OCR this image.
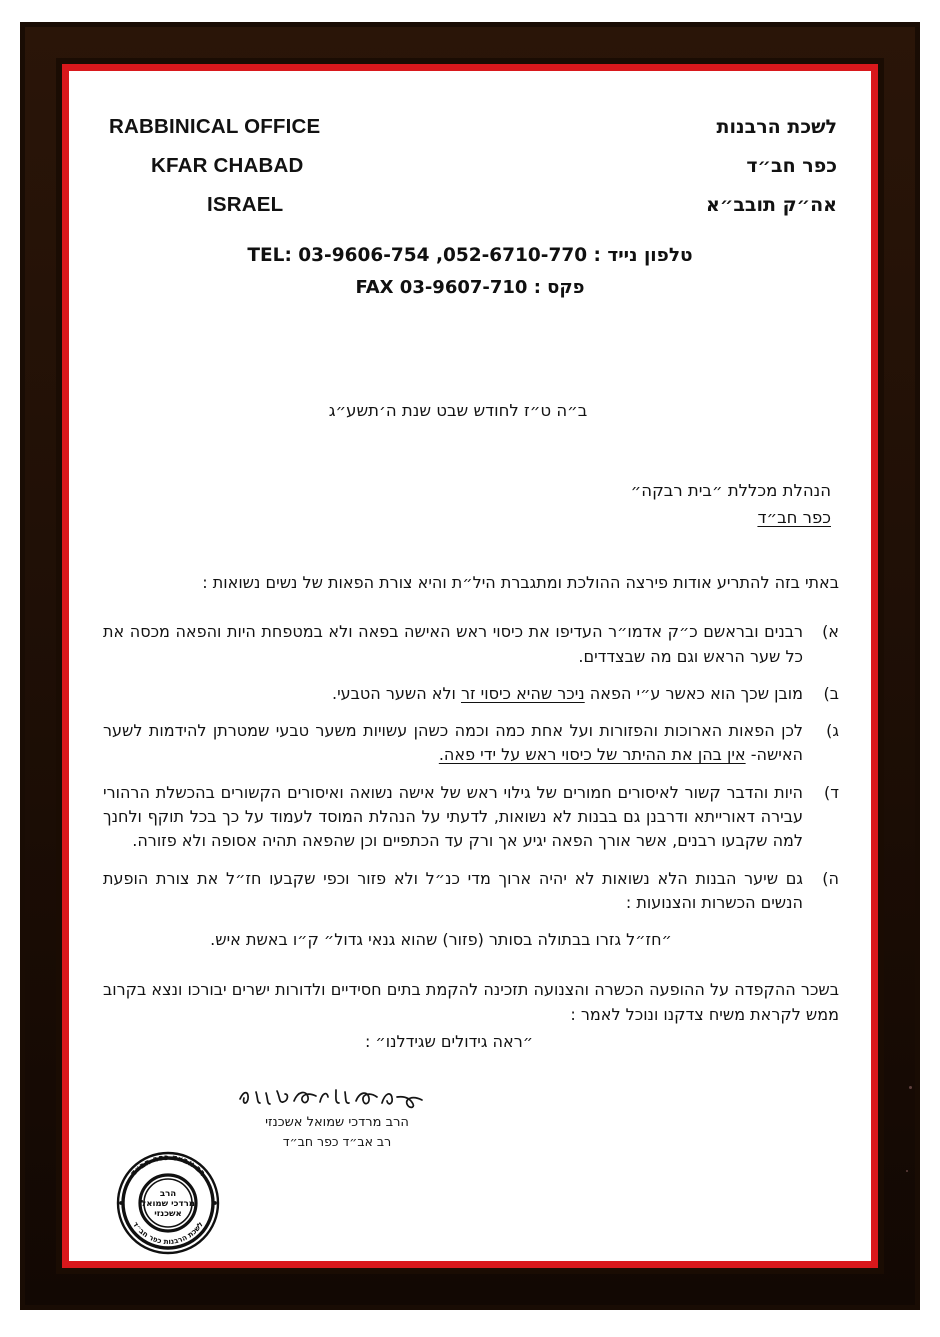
RABBINICAL OFFICE	לשכת הרבנות
KFAR CHABAD	כפר חב״ד
ISRAEL	אה״ק תובב״א
טלפון נייד : 052-6710-770, TEL: 03-9606-754
פקס : FAX 03-9607-710
ב״ה ט״ז לחודש שבט שנת ה׳תשע״ג
הנהלת מכללת ״בית רבקה״
כפר חב״ד
באתי בזה להתריע אודות פירצה ההולכת ומתגברת היל״ת והיא צורת הפאות של נשים נשואות :
א)
רבנים ובראשם כ״ק אדמו״ר העדיפו את כיסוי ראש האישה בפאה ולא במטפחת היות והפאה מכסה את כל שער הראש וגם מה שבצדדים.
ב)
מובן שכך הוא כאשר ע״י הפאה ניכר שהיא כיסוי זר ולא השער הטבעי.
ג)
לכן הפאות הארוכות והפזורות ועל אחת כמה וכמה כשהן עשויות משער טבעי שמטרתן להידמות לשער האישה- אין בהן את ההיתר של כיסוי ראש על ידי פאה.
ד)
היות והדבר קשור לאיסורים חמורים של גילוי ראש של אישה נשואה ואיסורים הקשורים בהכשלת הרהורי עבירה דאורייתא ודרבנן גם בבנות לא נשואות, לדעתי על הנהלת המוסד לעמוד על כך בכל תוקף ולחנך למה שקבעו רבנים, אשר אורך הפאה יגיע אך ורק עד הכתפיים וכן שהפאה תהיה אסופה ולא פזורה.
ה)
גם שיער הבנות הלא נשואות לא יהיה ארוך מדי כנ״ל ולא פזור וכפי שקבעו חז״ל את צורת הופעת הנשים הכשרות והצנועות :
״חז״ל גזרו בבתולה בסותר (פזור) שהוא גנאי גדול״ ק״ו באשת איש.
בשכר ההקפדה על ההופעה הכשרה והצנועה תזכינה להקמת בתים חסידיים ולדורות ישרים יבורכו ונצא בקרוב ממש לקראת משיח צדקנו ונוכל לאמר :
״ראה גידולים שגידלנו״ :
הרב מרדכי שמואל אשכנזי
רב אב״ד כפר חב״ד
רב אב״ד כפר חב״ד
לשכת הרבנות כפר חב״ד
הרב
מרדכי שמואל
אשכנזי
